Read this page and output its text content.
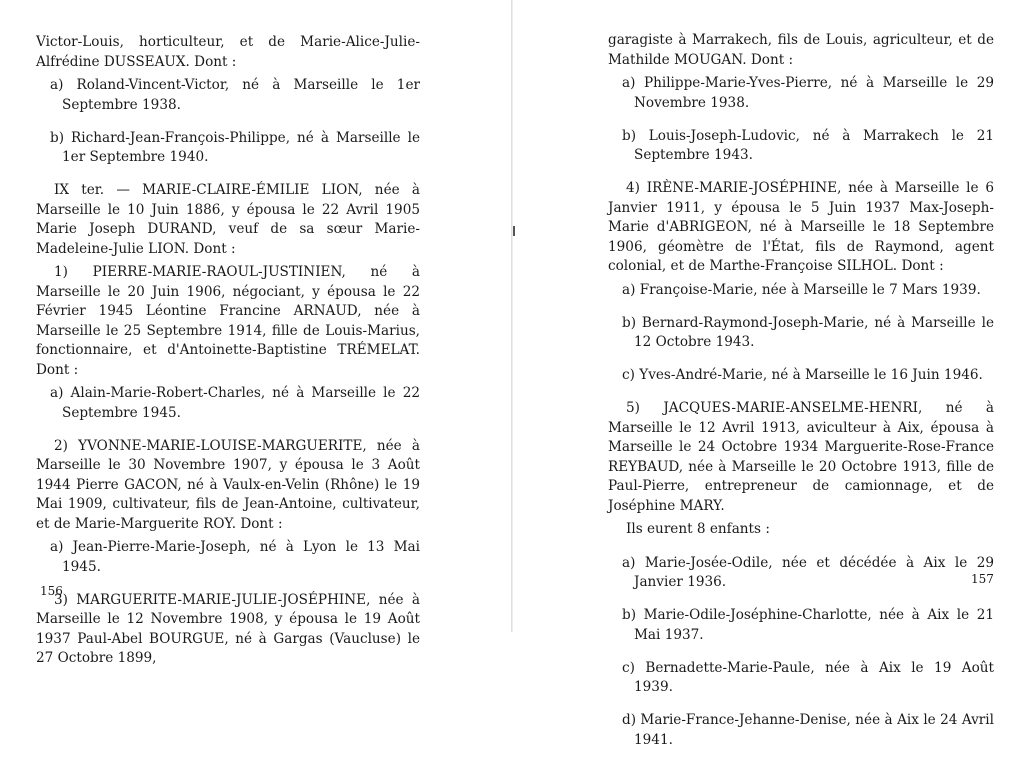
Victor-Louis, horticulteur, et de Marie-Alice-Julie-Alfrédine DUSSEAUX. Dont :

a) Roland-Vincent-Victor, né à Marseille le 1er Septembre 1938.

b) Richard-Jean-François-Philippe, né à Marseille le 1er Septembre 1940.

IX ter. — MARIE-CLAIRE-ÉMILIE LION, née à Marseille le 10 Juin 1886, y épousa le 22 Avril 1905 Marie Joseph DURAND, veuf de sa sœur Marie-Madeleine-Julie LION. Dont :

1) PIERRE-MARIE-RAOUL-JUSTINIEN, né à Marseille le 20 Juin 1906, négociant, y épousa le 22 Février 1945 Léontine Francine ARNAUD, née à Marseille le 25 Septembre 1914, fille de Louis-Marius, fonctionnaire, et d'Antoinette-Baptistine TRÉMELAT. Dont :

a) Alain-Marie-Robert-Charles, né à Marseille le 22 Septembre 1945.

2) YVONNE-MARIE-LOUISE-MARGUERITE, née à Marseille le 30 Novembre 1907, y épousa le 3 Août 1944 Pierre GACON, né à Vaulx-en-Velin (Rhône) le 19 Mai 1909, cultivateur, fils de Jean-Antoine, cultivateur, et de Marie-Marguerite ROY. Dont :

a) Jean-Pierre-Marie-Joseph, né à Lyon le 13 Mai 1945.

3) MARGUERITE-MARIE-JULIE-JOSÉPHINE, née à Marseille le 12 Novembre 1908, y épousa le 19 Août 1937 Paul-Abel BOURGUE, né à Gargas (Vaucluse) le 27 Octobre 1899,

156

garagiste à Marrakech, fils de Louis, agriculteur, et de Mathilde MOUGAN. Dont :

a) Philippe-Marie-Yves-Pierre, né à Marseille le 29 Novembre 1938.

b) Louis-Joseph-Ludovic, né à Marrakech le 21 Septembre 1943.

4) IRÈNE-MARIE-JOSÉPHINE, née à Marseille le 6 Janvier 1911, y épousa le 5 Juin 1937 Max-Joseph-Marie d'ABRIGEON, né à Marseille le 18 Septembre 1906, géomètre de l'État, fils de Raymond, agent colonial, et de Marthe-Françoise SILHOL. Dont :

a) Françoise-Marie, née à Marseille le 7 Mars 1939.

b) Bernard-Raymond-Joseph-Marie, né à Marseille le 12 Octobre 1943.

c) Yves-André-Marie, né à Marseille le 16 Juin 1946.

5) JACQUES-MARIE-ANSELME-HENRI, né à Marseille le 12 Avril 1913, aviculteur à Aix, épousa à Marseille le 24 Octobre 1934 Marguerite-Rose-France REYBAUD, née à Marseille le 20 Octobre 1913, fille de Paul-Pierre, entrepreneur de camionnage, et de Joséphine MARY.

Ils eurent 8 enfants :

a) Marie-Josée-Odile, née et décédée à Aix le 29 Janvier 1936.

b) Marie-Odile-Joséphine-Charlotte, née à Aix le 21 Mai 1937.

c) Bernadette-Marie-Paule, née à Aix le 19 Août 1939.

d) Marie-France-Jehanne-Denise, née à Aix le 24 Avril 1941.

157
